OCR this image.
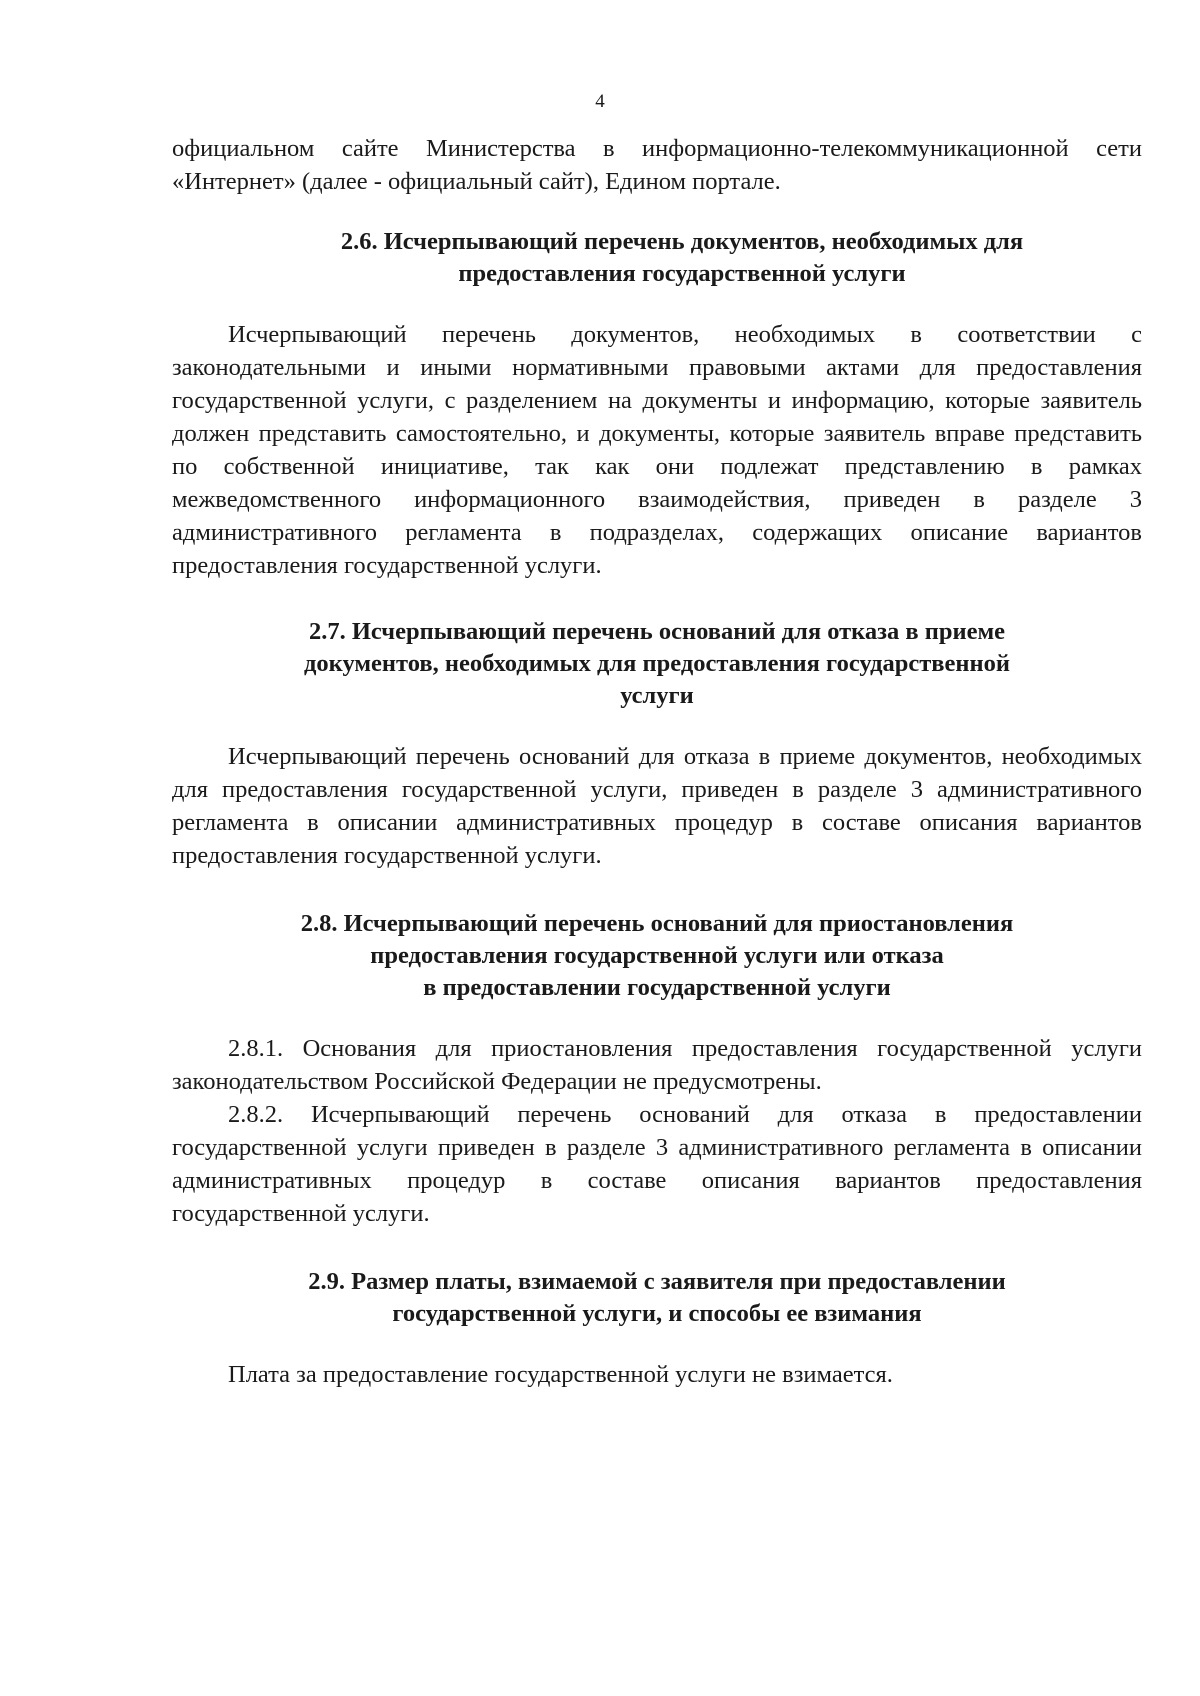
4

официальном сайте Министерства в информационно-телекоммуникационной сети «Интернет» (далее - официальный сайт), Едином портале.

2.6. Исчерпывающий перечень документов, необходимых для
предоставления государственной услуги

Исчерпывающий перечень документов, необходимых в соответствии с законодательными и иными нормативными правовыми актами для предоставления государственной услуги, с разделением на документы и информацию, которые заявитель должен представить самостоятельно, и документы, которые заявитель вправе представить по собственной инициативе, так как они подлежат представлению в рамках межведомственного информационного взаимодействия, приведен в разделе 3 административного регламента в подразделах, содержащих описание вариантов предоставления государственной услуги.

2.7. Исчерпывающий перечень оснований для отказа в приеме
документов, необходимых для предоставления государственной
услуги

Исчерпывающий перечень оснований для отказа в приеме документов, необходимых для предоставления государственной услуги, приведен в разделе 3 административного регламента в описании административных процедур в составе описания вариантов предоставления государственной услуги.

2.8. Исчерпывающий перечень оснований для приостановления
предоставления государственной услуги или отказа
в предоставлении государственной услуги

2.8.1. Основания для приостановления предоставления государственной услуги законодательством Российской Федерации не предусмотрены.

2.8.2. Исчерпывающий перечень оснований для отказа в предоставлении государственной услуги приведен в разделе 3 административного регламента в описании административных процедур в составе описания вариантов предоставления государственной услуги.

2.9. Размер платы, взимаемой с заявителя при предоставлении
государственной услуги, и способы ее взимания

Плата за предоставление государственной услуги не взимается.
